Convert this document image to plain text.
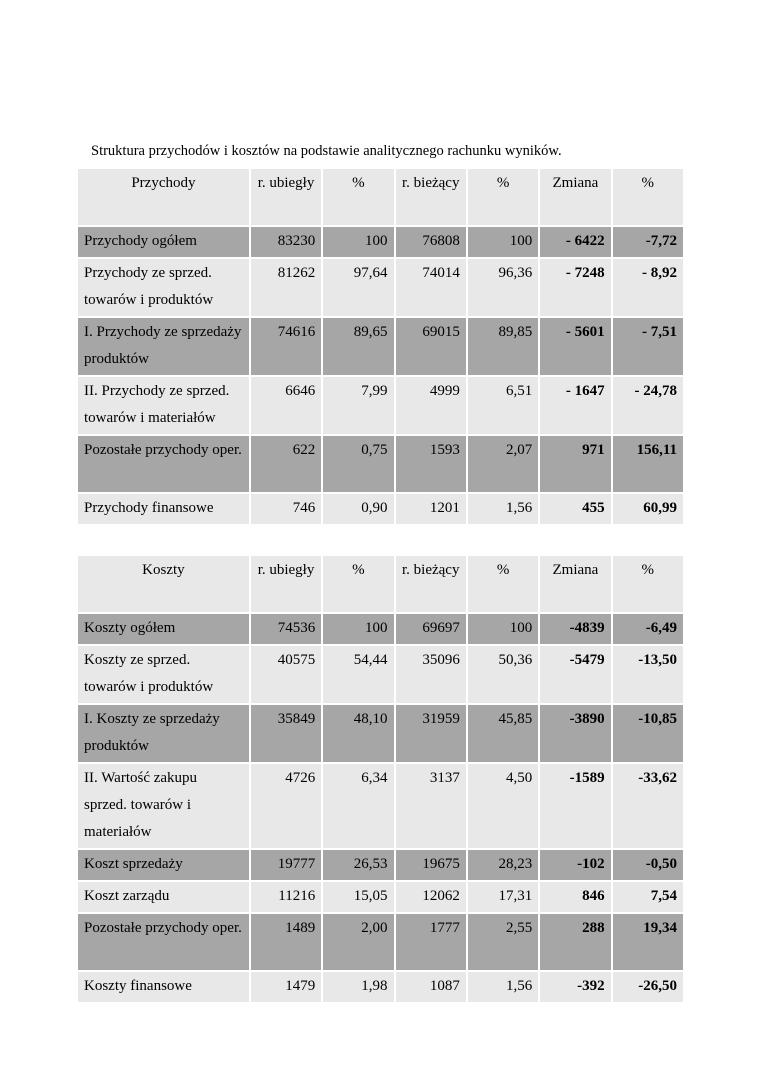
Struktura przychodów i kosztów na podstawie analitycznego rachunku wyników.
Przychody	r. ubiegły	%	r. bieżący	%	Zmiana	%
Przychody ogółem	83230	100	76808	100	- 6422	-7,72
Przychody ze sprzed. towarów i produktów	81262	97,64	74014	96,36	- 7248	- 8,92
I. Przychody ze sprzedaży produktów	74616	89,65	69015	89,85	- 5601	- 7,51
II. Przychody ze sprzed. towarów i materiałów	6646	7,99	4999	6,51	- 1647	- 24,78
Pozostałe przychody oper.	622	0,75	1593	2,07	971	156,11
Przychody finansowe	746	0,90	1201	1,56	455	60,99
Koszty	r. ubiegły	%	r. bieżący	%	Zmiana	%
Koszty ogółem	74536	100	69697	100	-4839	-6,49
Koszty ze sprzed. towarów i produktów	40575	54,44	35096	50,36	-5479	-13,50
I. Koszty ze sprzedaży produktów	35849	48,10	31959	45,85	-3890	-10,85
II. Wartość zakupu sprzed. towarów i materiałów	4726	6,34	3137	4,50	-1589	-33,62
Koszt sprzedaży	19777	26,53	19675	28,23	-102	-0,50
Koszt zarządu	11216	15,05	12062	17,31	846	7,54
Pozostałe przychody oper.	1489	2,00	1777	2,55	288	19,34
Koszty finansowe	1479	1,98	1087	1,56	-392	-26,50
